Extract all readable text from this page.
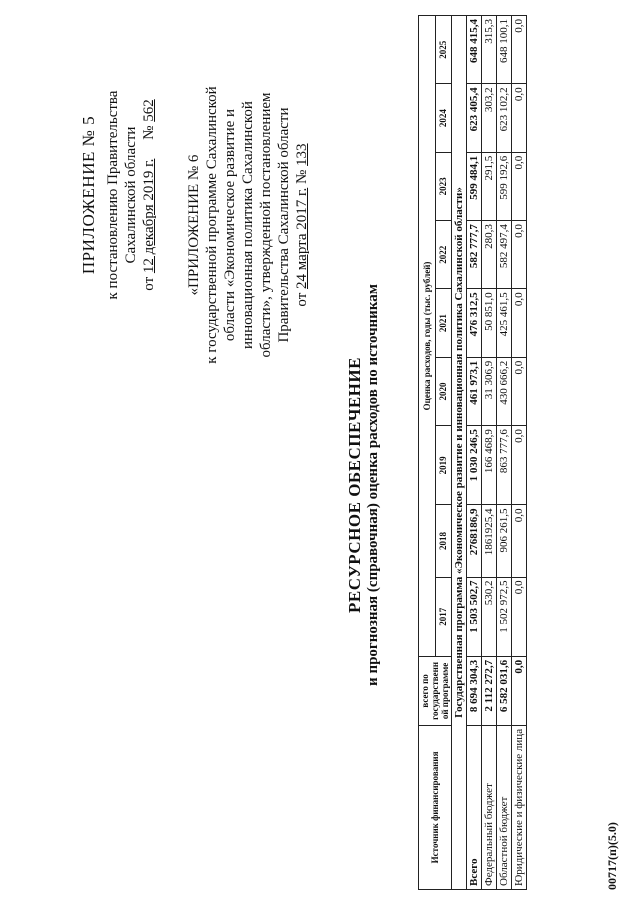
ПРИЛОЖЕНИЕ № 5 к постановлению Правительства Сахалинской области
от 12 декабря 2019 г.     № 562
«ПРИЛОЖЕНИЕ № 6 к государственной программе Сахалинской области «Экономическое развитие и инновационная политика Сахалинской области», утвержденной постановлением Правительства Сахалинской области от 24 марта 2017 г. № 133
РЕСУРСНОЕ ОБЕСПЕЧЕНИЕ и прогнозная (справочная) оценка расходов по источникам
Источник финансирования	всего по государственн ой программе	Оценка расходов, годы (тыс. рублей)								
		2017	2018	2019	2020	2021	2022	2023	2024	2025
Государственная программа «Экономическое развитие и инновационная политика Сахалинской области»										
Всего	8 694 304,3	1 503 502,7	2768186,9	1 030 246,5	461 973,1	476 312,5	582 777,7	599 484,1	623 405,4	648 415,4
Федеральный бюджет	2 112 272,7	530,2	1861925,4	166 468,9	31 306,9	50 851,0	280,3	291,5	303,2	315,3
Областной бюджет	6 582 031,6	1 502 972,5	906 261,5	863 777,6	430 666,2	425 461,5	582 497,4	599 192,6	623 102,2	648 100,1
Юридические и физические лица	0,0	0,0	0,0	0,0	0,0	0,0	0,0	0,0	0,0	0,0
00717(п)(5.0)
